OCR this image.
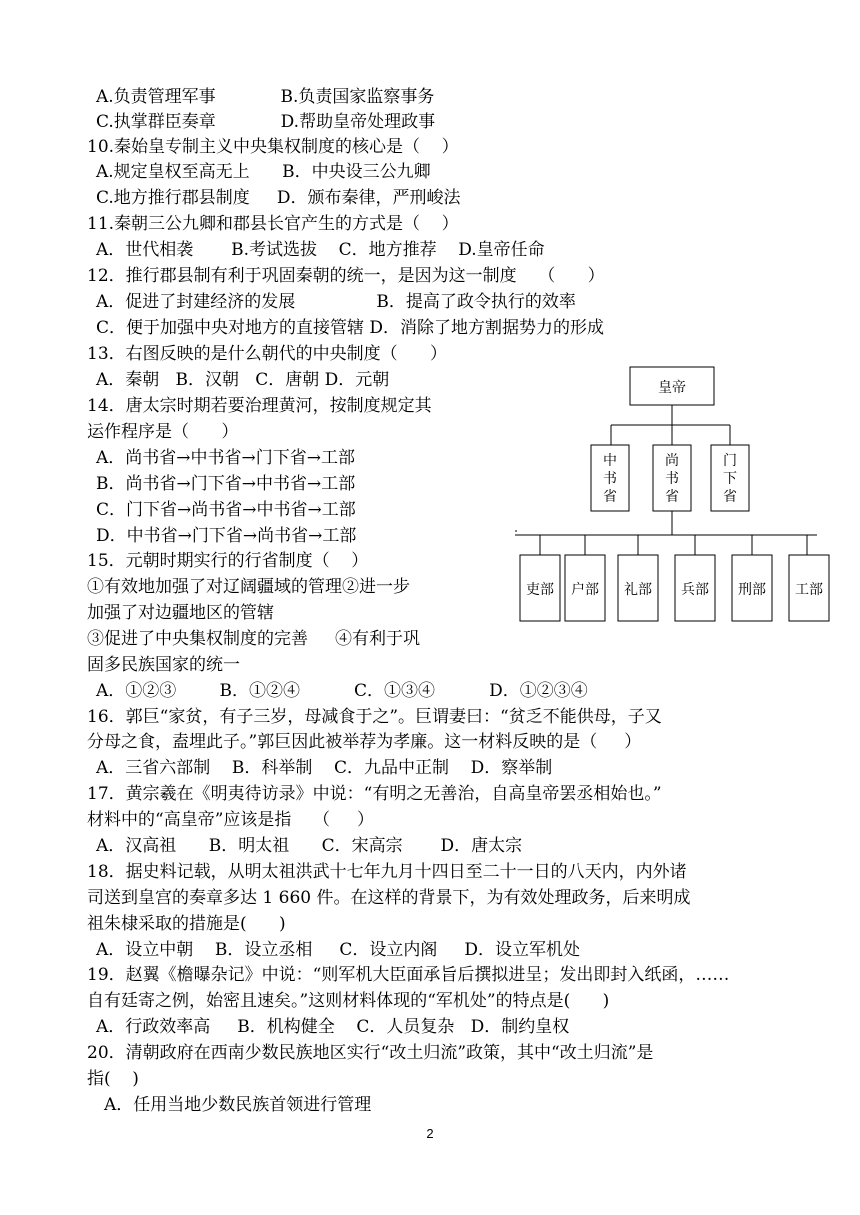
A.负责管理军事            B.负责国家监察事务
C.执掌群臣奏章            D.帮助皇帝处理政事
10.秦始皇专制主义中央集权制度的核心是（    ）
A.规定皇权至高无上      B．中央设三公九卿
C.地方推行郡县制度     D．颁布秦律，严刑峻法
11.秦朝三公九卿和郡县长官产生的方式是（    ）
A．世代相袭       B.考试选拔    C．地方推荐    D.皇帝任命
12．推行郡县制有利于巩固秦朝的统一，是因为这一制度    （      ）
A．促进了封建经济的发展               B．提高了政令执行的效率
C．便于加强中央对地方的直接管辖 D．消除了地方割据势力的形成
13．右图反映的是什么朝代的中央制度（      ）
A．秦朝   B．汉朝   C．唐朝 D．元朝
14．唐太宗时期若要治理黄河，按制度规定其
运作程序是（      ）
A．尚书省→中书省→门下省→工部
B．尚书省→门下省→中书省→工部
C．门下省→尚书省→中书省→工部
D．中书省→门下省→尚书省→工部
15．元朝时期实行的行省制度（    ）
①有效地加强了对辽阔疆域的管理②进一步
加强了对边疆地区的管辖
③促进了中央集权制度的完善     ④有利于巩
固多民族国家的统一
A．①②③        B．①②④          C．①③④          D．①②③④
16．郭巨“家贫，有子三岁，母减食于之”。巨谓妻曰：“贫乏不能供母，子又
分母之食，盍埋此子。”郭巨因此被举荐为孝廉。这一材料反映的是（     ）
A．三省六部制    B．科举制    C．九品中正制    D．察举制
17．黄宗羲在《明夷待访录》中说：“有明之无善治，自高皇帝罢丞相始也。”
材料中的“高皇帝”应该是指    （     ）
A．汉高祖      B．明太祖      C．宋高宗       D．唐太宗
18．据史料记载，从明太祖洪武十七年九月十四日至二十一日的八天内，内外诸
司送到皇宫的奏章多达 1 660 件。在这样的背景下，为有效处理政务，后来明成
祖朱棣采取的措施是(      )
A．设立中朝    B．设立丞相     C．设立内阁     D．设立军机处
19．赵翼《檐曝杂记》中说：“则军机大臣面承旨后撰拟进呈；发出即封入纸函，……
自有廷寄之例，始密且速矣。”这则材料体现的“军机处”的特点是(      )
A．行政效率高     B．机构健全    C．人员复杂   D．制约皇权
20．清朝政府在西南少数民族地区实行“改土归流”政策，其中“改土归流”是
指(    )
A．任用当地少数民族首领进行管理
皇帝
中书省
尚书省
门下省
吏部 户部 礼部 兵部 刑部 工部
2
